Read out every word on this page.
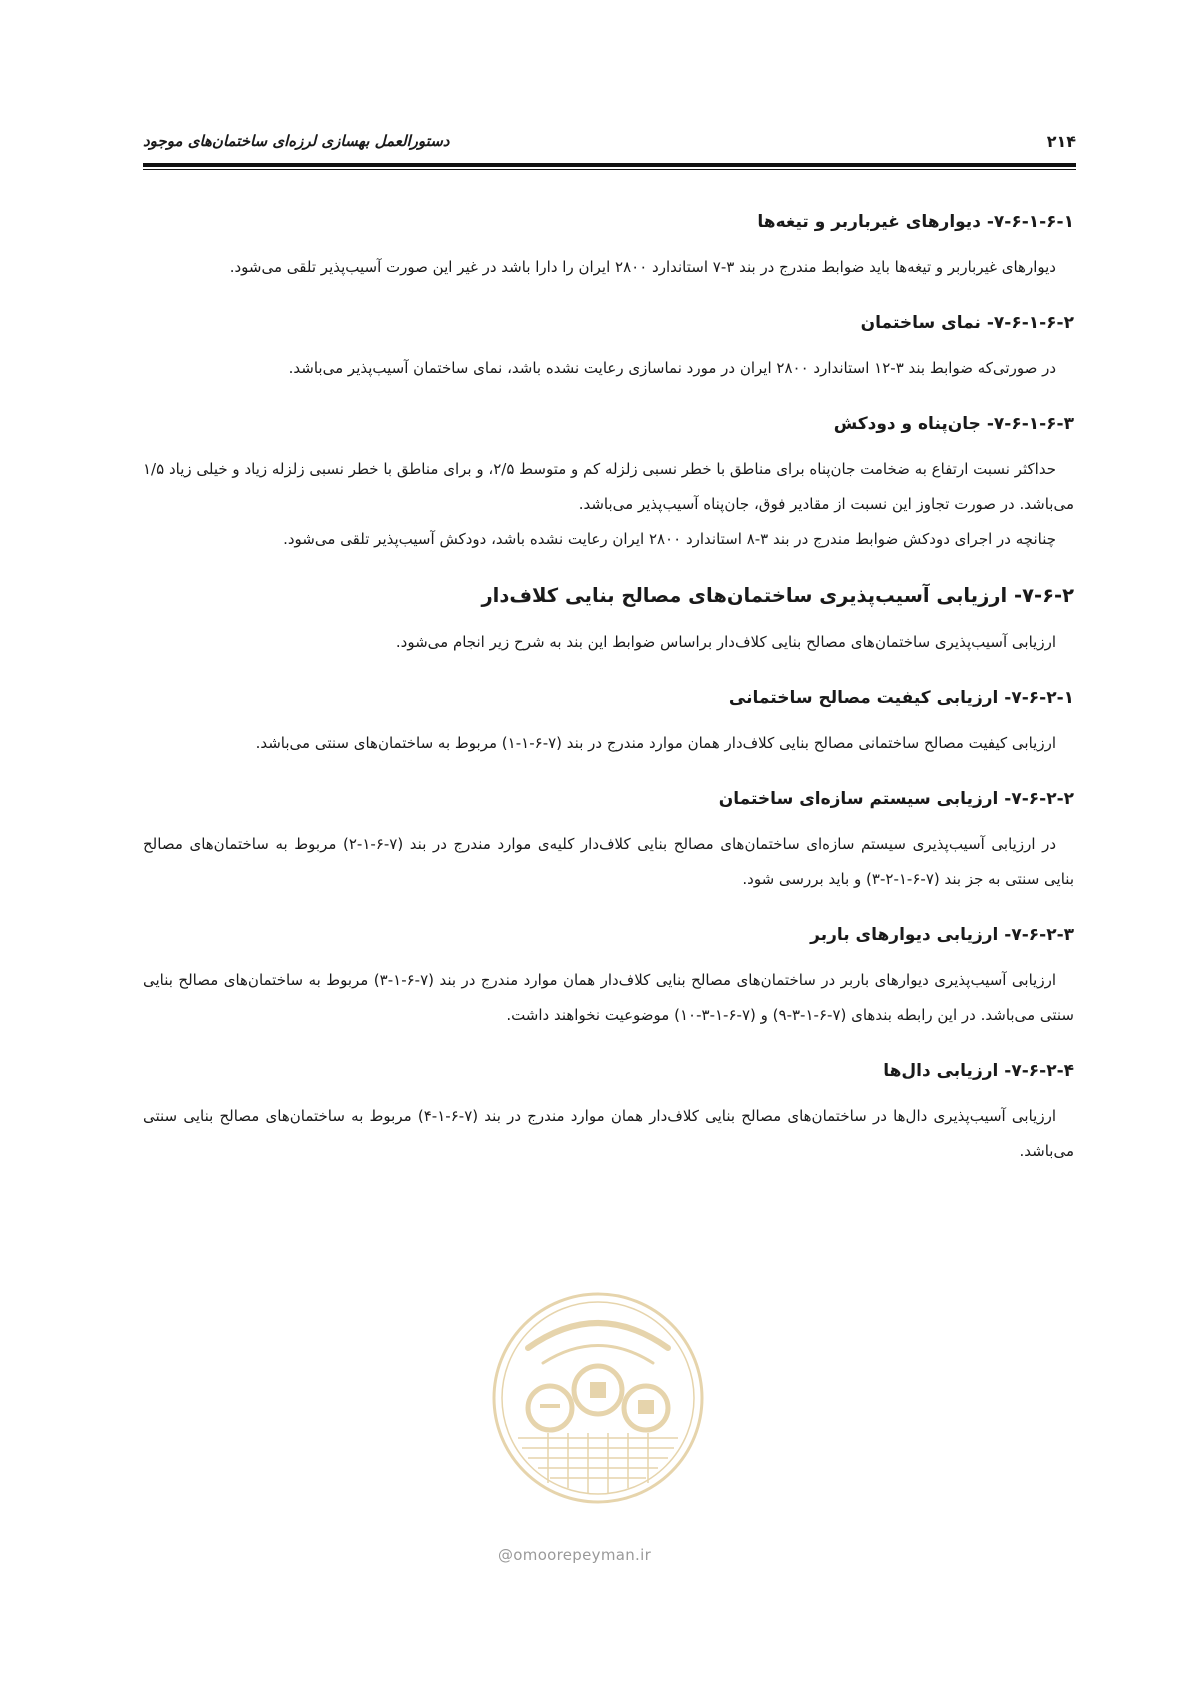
دستورالعمل بهسازی لرزه‌ای ساختمان‌های موجود	۲۱۴
۷-۶-۱-۶-۱- دیوارهای غیرباربر و تیغه‌ها

دیوارهای غیرباربر و تیغه‌ها باید ضوابط مندرج در بند ۳-۷ استاندارد ۲۸۰۰ ایران را دارا باشد در غیر این صورت آسیب‌پذیر تلقی می‌شود.

۷-۶-۱-۶-۲- نمای ساختمان

در صورتی‌که ضوابط بند ۳-۱۲ استاندارد ۲۸۰۰ ایران در مورد نماسازی رعایت نشده باشد، نمای ساختمان آسیب‌پذیر می‌باشد.

۷-۶-۱-۶-۳- جان‌پناه و دودکش

حداکثر نسبت ارتفاع به ضخامت جان‌پناه برای مناطق با خطر نسبی زلزله کم و متوسط ۲/۵، و برای مناطق با خطر نسبی زلزله زیاد و خیلی زیاد ۱/۵ می‌باشد. در صورت تجاوز این نسبت از مقادیر فوق، جان‌پناه آسیب‌پذیر می‌باشد.

چنانچه در اجرای دودکش ضوابط مندرج در بند ۳-۸ استاندارد ۲۸۰۰ ایران رعایت نشده باشد، دودکش آسیب‌پذیر تلقی می‌شود.

۷-۶-۲- ارزیابی آسیب‌پذیری ساختمان‌های مصالح بنایی کلاف‌دار

ارزیابی آسیب‌پذیری ساختمان‌های مصالح بنایی کلاف‌دار براساس ضوابط این بند به شرح زیر انجام می‌شود.

۷-۶-۲-۱- ارزیابی کیفیت مصالح ساختمانی

ارزیابی کیفیت مصالح ساختمانی مصالح بنایی کلاف‌دار همان موارد مندرج در بند (۷-۶-۱-۱) مربوط به ساختمان‌های سنتی می‌باشد.

۷-۶-۲-۲- ارزیابی سیستم سازه‌ای ساختمان

در ارزیابی آسیب‌پذیری سیستم سازه‌ای ساختمان‌های مصالح بنایی کلاف‌دار کلیه‌ی موارد مندرج در بند (۷-۶-۱-۲) مربوط به ساختمان‌های مصالح بنایی سنتی به جز بند (۷-۶-۱-۲-۳) و باید بررسی شود.

۷-۶-۲-۳- ارزیابی دیوارهای باربر

ارزیابی آسیب‌پذیری دیوارهای باربر در ساختمان‌های مصالح بنایی کلاف‌دار همان موارد مندرج در بند (۷-۶-۱-۳) مربوط به ساختمان‌های مصالح بنایی سنتی می‌باشد. در این رابطه بندهای (۷-۶-۱-۳-۹) و (۷-۶-۱-۳-۱۰) موضوعیت نخواهند داشت.

۷-۶-۲-۴- ارزیابی دال‌ها

ارزیابی آسیب‌پذیری دال‌ها در ساختمان‌های مصالح بنایی کلاف‌دار همان موارد مندرج در بند (۷-۶-۱-۴) مربوط به ساختمان‌های مصالح بنایی سنتی می‌باشد.

@omoorepeyman.ir
